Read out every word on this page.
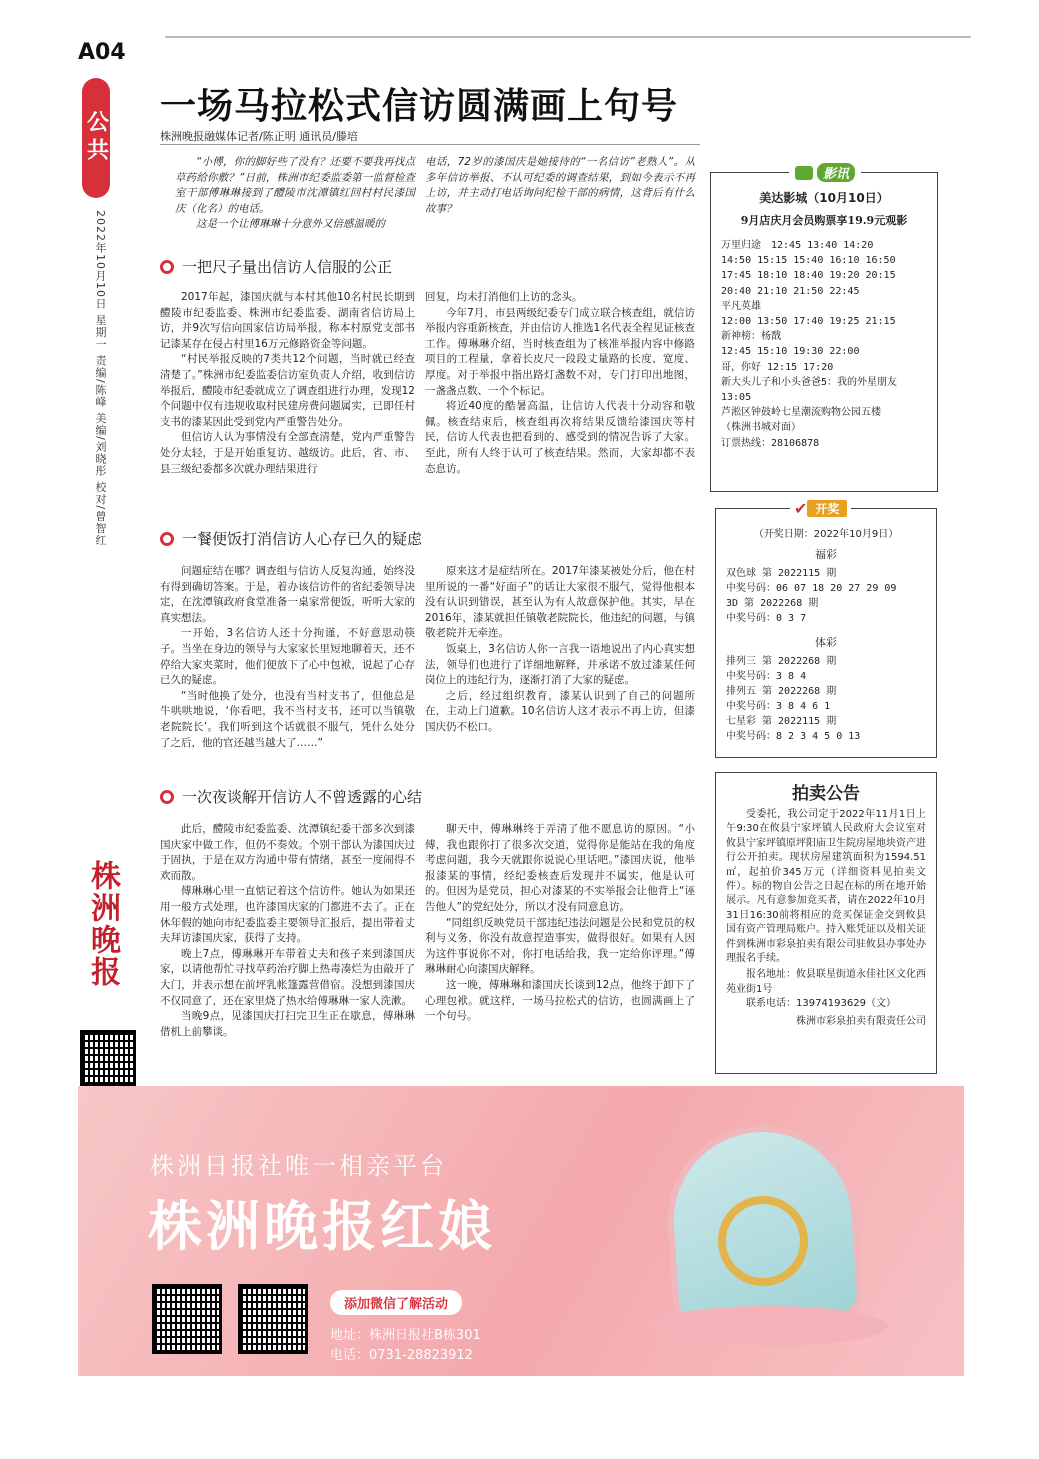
A04
公共
2022年10月10日 星期一 责编/陈峰 美编/刘晓彤 校对/曾智红
株洲晚报
一场马拉松式信访圆满画上句号
株洲晚报融媒体记者/陈正明 通讯员/滕培

“小傅，你的脚好些了没有？还要不要我再找点草药给你敷？”日前，株洲市纪委监委第一监督检查室干部傅琳琳接到了醴陵市沈潭镇红回村村民漆国庆（化名）的电话。

这是一个让傅琳琳十分意外又倍感温暖的

电话，72岁的漆国庆是她接待的“一名信访”老熟人”。从多年信访举报、不认可纪委的调查结果，到如今表示不再上访，并主动打电话询问纪检干部的病情，这背后有什么故事？

一把尺子量出信访人信服的公正

2017年起，漆国庆就与本村其他10名村民长期到醴陵市纪委监委、株洲市纪委监委、湖南省信访局上访，并9次写信向国家信访局举报，称本村原党支部书记漆某存在侵占村里16万元修路资金等问题。

“村民举报反映的7类共12个问题，当时就已经查清楚了。”株洲市纪委监委信访室负责人介绍，收到信访举报后，醴陵市纪委就成立了调查组进行办理，发现12个问题中仅有违规收取村民建房费问题属实，已即任村支书的漆某因此受到党内严重警告处分。

但信访人认为事情没有全部查清楚，党内严重警告处分太轻，于是开始重复访、越级访。此后，省、市、县三级纪委都多次就办理结果进行

回复，均未打消他们上访的念头。

今年7月，市县两级纪委专门成立联合核查组，就信访举报内容重新核查，并由信访人推选1名代表全程见证核查工作。傅琳琳介绍，当时核查组为了核准举报内容中修路项目的工程量，拿着长皮尺一段段丈量路的长度、宽度、厚度。对于举报中指出路灯盏数不对，专门打印出地图，一盏盏点数、一个个标记。

将近40度的酷暑高温，让信访人代表十分动容和敬佩。核查结束后，核查组再次将结果反馈给漆国庆等村民，信访人代表也把看到的、感受到的情况告诉了大家。至此，所有人终于认可了核查结果。然而，大家却都不表态息访。

一餐便饭打消信访人心存已久的疑虑

问题症结在哪？调查组与信访人反复沟通，始终没有得到确切答案。于是，着办该信访件的省纪委领导决定，在沈潭镇政府食堂准备一桌家常便饭，听听大家的真实想法。

一开始，3名信访人还十分拘谨，不好意思动筷子。当坐在身边的领导与大家家长里短地聊着天，还不停给大家夹菜时，他们便放下了心中包袱，说起了心存已久的疑虑。

“当时他换了处分，也没有当村支书了，但他总是牛哄哄地说，‘你看吧，我不当村支书，还可以当镇敬老院院长’。我们听到这个话就很不服气，凭什么处分了之后，他的官还越当越大了……”

原来这才是症结所在。2017年漆某被处分后，他在村里所说的一番“好面子”的话让大家很不服气，觉得他根本没有认识到错误，甚至认为有人故意保护他。其实，早在2016年，漆某就担任镇敬老院院长，他违纪的问题，与镇敬老院并无牵连。

饭桌上，3名信访人你一言我一语地说出了内心真实想法，领导们也进行了详细地解释，并承诺不放过漆某任何岗位上的违纪行为，逐渐打消了大家的疑虑。

之后，经过组织教育，漆某认识到了自己的问题所在，主动上门道歉。10名信访人这才表示不再上访，但漆国庆仍不松口。

一次夜谈解开信访人不曾透露的心结

此后，醴陵市纪委监委、沈潭镇纪委干部多次到漆国庆家中做工作，但仍不奏效。个别干部认为漆国庆过于固执，于是在双方沟通中带有情绪，甚至一度闹得不欢而散。

傅琳琳心里一直惦记着这个信访件。她认为如果还用一般方式处理，也许漆国庆家的门都进不去了。正在休年假的她向市纪委监委主要领导汇报后，提出带着丈夫拜访漆国庆家，获得了支持。

晚上7点，傅琳琳开车带着丈夫和孩子来到漆国庆家，以请他帮忙寻找草药治疗脚上热毒凑烂为由敲开了大门，并表示想在前坪乳帐篷露营借宿。没想到漆国庆不仅同意了，还在家里烧了热水给傅琳琳一家人洗漱。

当晚9点，见漆国庆打扫完卫生正在歇息，傅琳琳借机上前攀谈。

聊天中，傅琳琳终于弄清了他不愿息访的原因。“小傅，我也跟你打了很多次交道，觉得你是能站在我的角度考虑问题，我今天就跟你说说心里话吧。”漆国庆说，他举报漆某的事情，经纪委核查后发现并不属实，他是认可的。但因为是党员，担心对漆某的不实举报会让他背上“诬告他人”的党纪处分，所以才没有同意息访。

“同组织反映党员干部违纪违法问题是公民和党员的权利与义务，你没有故意捏造事实，做得很好。如果有人因为这件事说你不对，你打电话给我，我一定给你评理。”傅琳琳耐心向漆国庆解释。

这一晚，傅琳琳和漆国庆长谈到12点，他终于卸下了心理包袱。就这样，一场马拉松式的信访，也圆满画上了一个句号。

影讯
美达影城（10月10日）
9月店庆月会员购票享19.9元观影
万里归途　12:45 13:40 14:20
14:50 15:15 15:40 16:10 16:50
17:45 18:10 18:40 19:20 20:15
20:40 21:10 21:50 22:45
平凡英雄
12:00 13:50 17:40 19:25 21:15
新神榜：杨戬
12:45 15:10 19:30 22:00
哥，你好 12:15 17:20
新大头儿子和小头爸爸5：我的外星朋友
13:05
芦淞区钟鼓岭七星潮流购物公园五楼
（株洲书城对面）
订票热线：28106878
✔ 开奖
（开奖日期：2022年10月9日）
福彩
双色球 第 2022115 期
中奖号码：06 07 18 20 27 29 09
3D 第 2022268 期
中奖号码：0 3 7
体彩
排列三 第 2022268 期
中奖号码：3 8 4
排列五 第 2022268 期
中奖号码：3 8 4 6 1
七星彩 第 2022115 期
中奖号码：8 2 3 4 5 0 13
拍卖公告
受委托，我公司定于2022年11月1日上午9:30在攸县宁家坪镇人民政府大会议室对攸县宁家坪镇原坪阳庙卫生院房屋地块资产进行公开拍卖。现状房屋建筑面积为1594.51㎡，起拍价345万元（详细资料见拍卖文件）。标的物自公告之日起在标的所在地开始展示。凡有意参加竞买者，请在2022年10月31日16:30前将相应的竞买保证金交到攸县国有资产管理局账户。持入账凭证以及相关证件到株洲市彩泉拍卖有限公司驻攸县办事处办理报名手续。
报名地址：攸县联星街道永佳社区文化西苑业街1号
联系电话：13974193629（文）
株洲市彩泉拍卖有限责任公司
株洲日报社唯一相亲平台
株洲晚报红娘
添加微信了解活动
地址：株洲日报社B栋301
电话：0731-28823912
